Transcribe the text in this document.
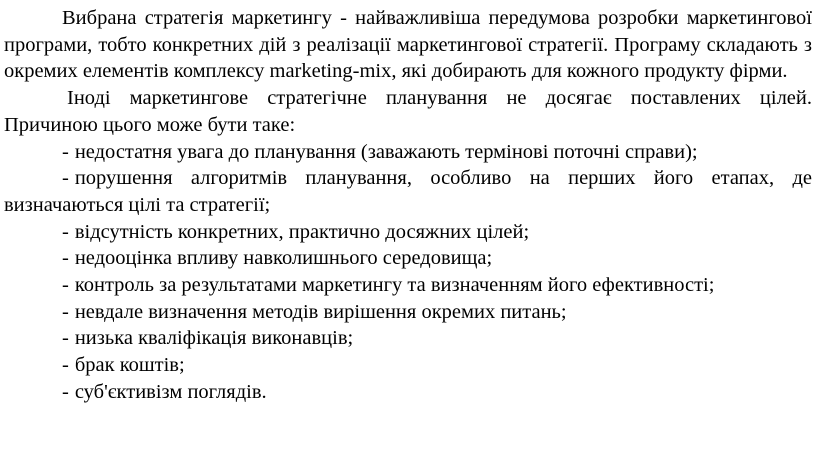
Вибрана стратегія маркетингу - найважливіша передумова розробки маркетингової програми, тобто конкретних дій з реалізації маркетингової стратегії. Програму складають з окремих елементів комплексу marketing-mix, які добирають для кожного продукту фірми.

Іноді маркетингове стратегічне планування не досягає поставлених цілей. Причиною цього може бути таке:

- недостатня увага до планування (заважають термінові поточні справи);

- порушення алгоритмів планування, особливо на перших його етапах, де визначаються цілі та стратегії;

- відсутність конкретних, практично досяжних цілей;

- недооцінка впливу навколишнього середовища;

- контроль за результатами маркетингу та визначенням його ефективності;

- невдале визначення методів вирішення окремих питань;

- низька кваліфікація виконавців;

- брак коштів;

- суб'єктивізм поглядів.
